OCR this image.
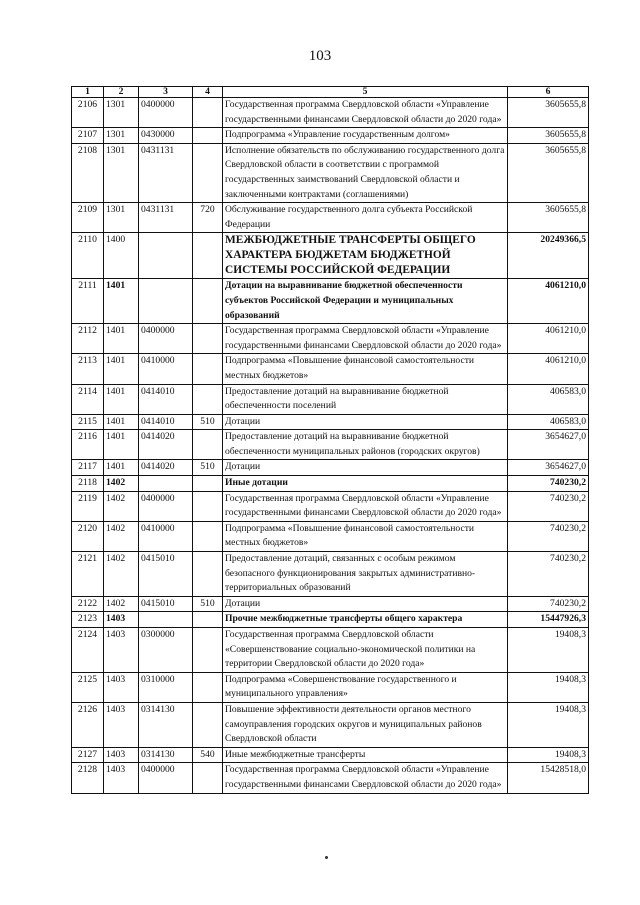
103
1	2	3	4	5	6
2106	1301	0400000		Государственная программа Свердловской области «Управление государственными финансами Свердловской области до 2020 года»	3605655,8
2107	1301	0430000		Подпрограмма «Управление государственным долгом»	3605655,8
2108	1301	0431131		Исполнение обязательств по обслуживанию государственного долга Свердловской области в соответствии с программой государственных заимствований Свердловской области и заключенными контрактами (соглашениями)	3605655,8
2109	1301	0431131	720	Обслуживание государственного долга субъекта Российской Федерации	3605655,8
2110	1400			МЕЖБЮДЖЕТНЫЕ ТРАНСФЕРТЫ ОБЩЕГО ХАРАКТЕРА БЮДЖЕТАМ БЮДЖЕТНОЙ СИСТЕМЫ РОССИЙСКОЙ ФЕДЕРАЦИИ	20249366,5
2111	1401			Дотации на выравнивание бюджетной обеспеченности субъектов Российской Федерации и муниципальных образований	4061210,0
2112	1401	0400000		Государственная программа Свердловской области «Управление государственными финансами Свердловской области до 2020 года»	4061210,0
2113	1401	0410000		Подпрограмма «Повышение финансовой самостоятельности местных бюджетов»	4061210,0
2114	1401	0414010		Предоставление дотаций на выравнивание бюджетной обеспеченности поселений	406583,0
2115	1401	0414010	510	Дотации	406583,0
2116	1401	0414020		Предоставление дотаций на выравнивание бюджетной обеспеченности муниципальных районов (городских округов)	3654627,0
2117	1401	0414020	510	Дотации	3654627,0
2118	1402			Иные дотации	740230,2
2119	1402	0400000		Государственная программа Свердловской области «Управление государственными финансами Свердловской области до 2020 года»	740230,2
2120	1402	0410000		Подпрограмма «Повышение финансовой самостоятельности местных бюджетов»	740230,2
2121	1402	0415010		Предоставление дотаций, связанных с особым режимом безопасного функционирования закрытых административно-территориальных образований	740230,2
2122	1402	0415010	510	Дотации	740230,2
2123	1403			Прочие межбюджетные трансферты общего характера	15447926,3
2124	1403	0300000		Государственная программа Свердловской области «Совершенствование социально-экономической политики на территории Свердловской области до 2020 года»	19408,3
2125	1403	0310000		Подпрограмма «Совершенствование государственного и муниципального управления»	19408,3
2126	1403	0314130		Повышение эффективности деятельности органов местного самоуправления городских округов и муниципальных районов Свердловской области	19408,3
2127	1403	0314130	540	Иные межбюджетные трансферты	19408,3
2128	1403	0400000		Государственная программа Свердловской области «Управление государственными финансами Свердловской области до 2020 года»	15428518,0
